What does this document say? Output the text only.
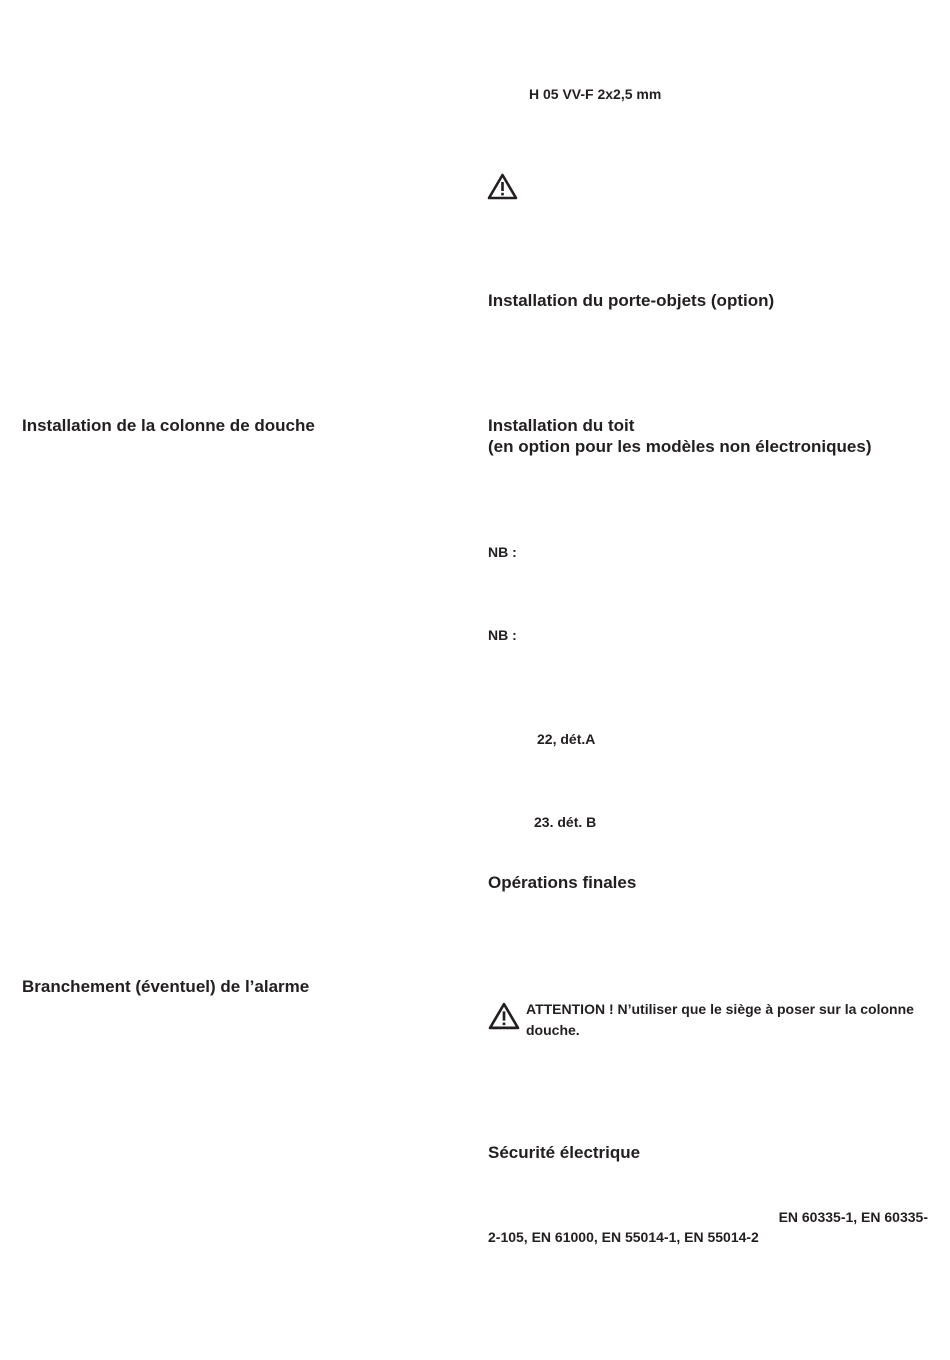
H 05 VV-F 2x2,5 mm
Installation du porte-objets (option)
Installation du toit
(en option pour les modèles non électroniques)
NB :
NB :
22, dét.A
23. dét. B
Opérations finales
ATTENTION ! N’utiliser que le siège à poser sur la colonne douche.
Sécurité électrique
EN 60335-1, EN 60335-
2-105, EN 61000, EN 55014-1, EN 55014-2
Installation de la colonne de douche
Branchement (éventuel) de l’alarme
